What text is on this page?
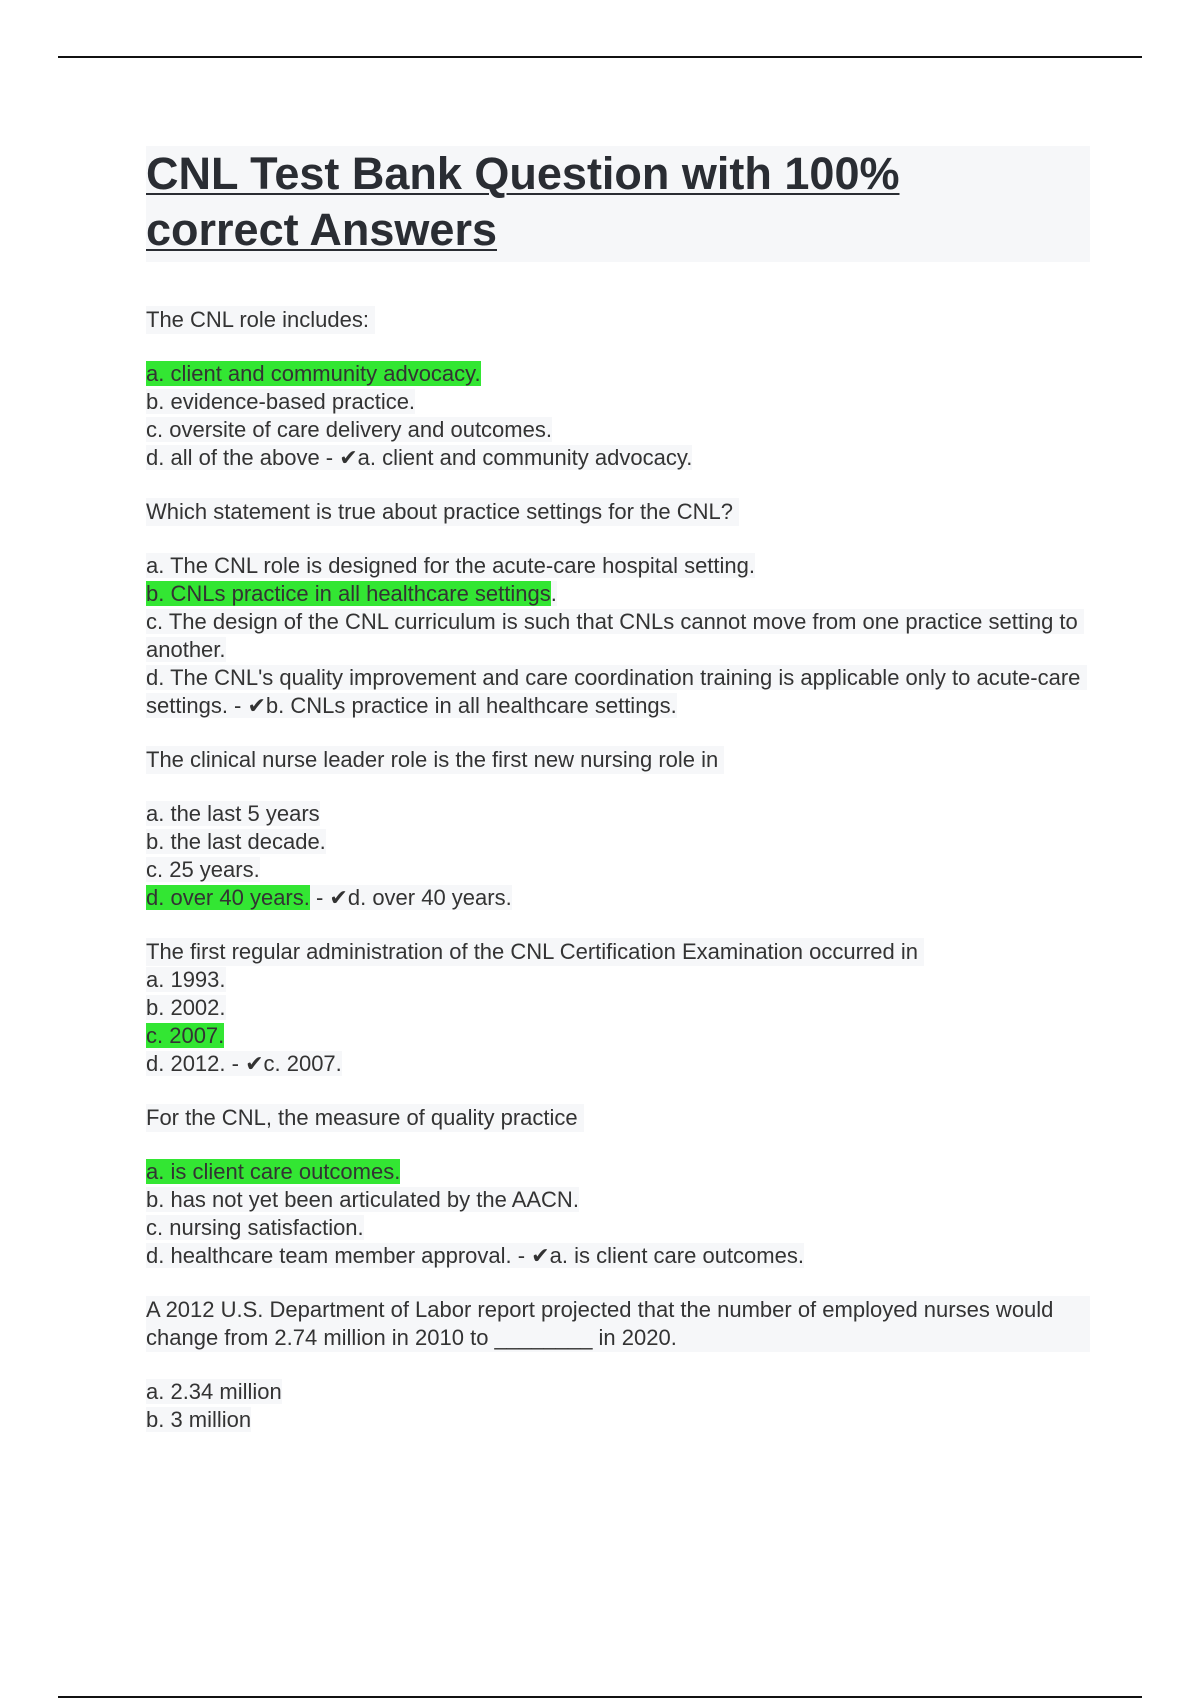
CNL Test Bank Question with 100%
correct Answers
The CNL role includes:
a. client and community advocacy.
b. evidence-based practice.
c. oversite of care delivery and outcomes.
d. all of the above - ✔a. client and community advocacy.
Which statement is true about practice settings for the CNL?
a. The CNL role is designed for the acute-care hospital setting.
b. CNLs practice in all healthcare settings.
c. The design of the CNL curriculum is such that CNLs cannot move from one practice setting to another.
d. The CNL's quality improvement and care coordination training is applicable only to acute-care settings. - ✔b. CNLs practice in all healthcare settings.
The clinical nurse leader role is the first new nursing role in
a. the last 5 years
b. the last decade.
c. 25 years.
d. over 40 years. - ✔d. over 40 years.
The first regular administration of the CNL Certification Examination occurred in
a. 1993.
b. 2002.
c. 2007.
d. 2012. - ✔c. 2007.
For the CNL, the measure of quality practice
a. is client care outcomes.
b. has not yet been articulated by the AACN.
c. nursing satisfaction.
d. healthcare team member approval. - ✔a. is client care outcomes.
A 2012 U.S. Department of Labor report projected that the number of employed nurses would change from 2.74 million in 2010 to ________ in 2020.
a. 2.34 million
b. 3 million
